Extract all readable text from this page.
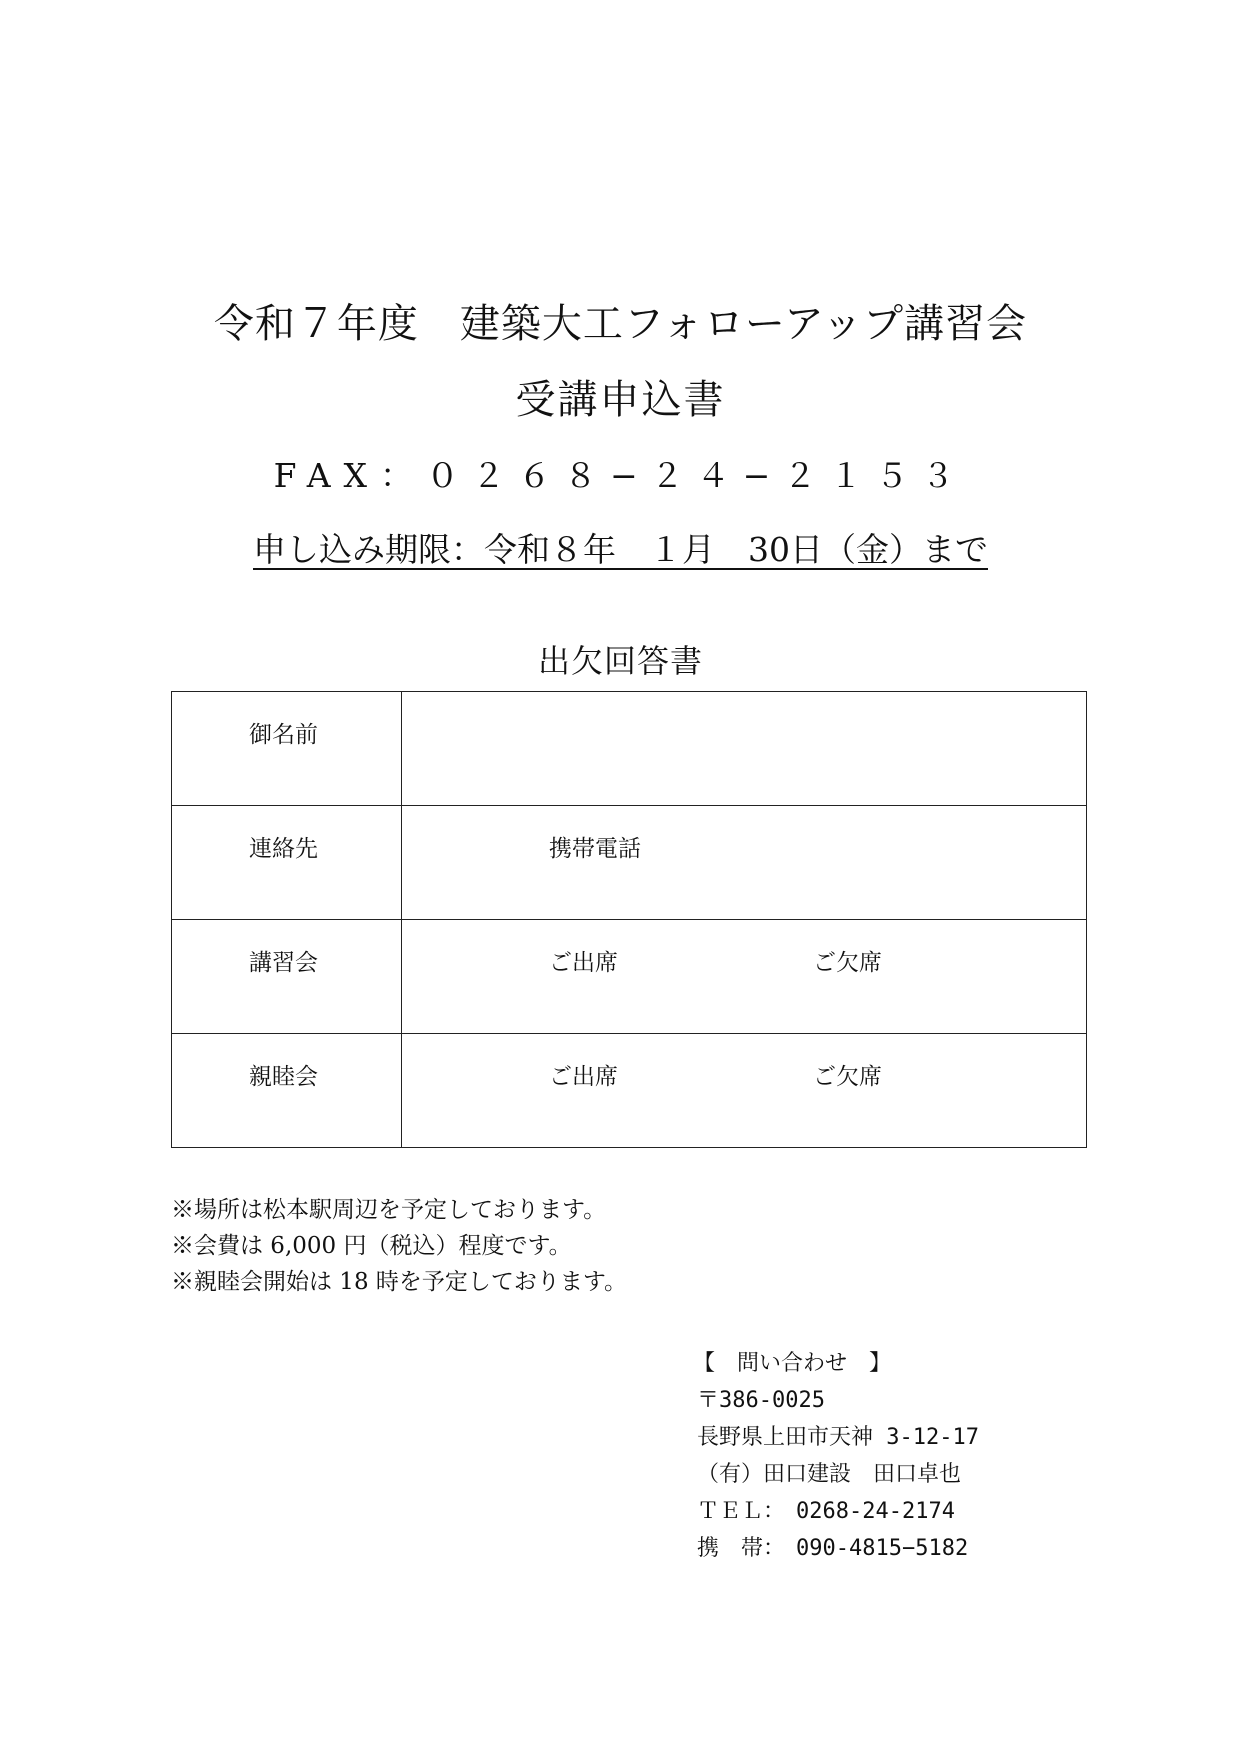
令和７年度　建築大工フォローアップ講習会
受講申込書
FAX：０２６８−２４−２１５３
申し込み期限：令和８年　１月　30日（金）まで
出欠回答書
御名前	

連絡先	携帯電話

講習会	ご出席 ご欠席

親睦会	ご出席 ご欠席
※場所は松本駅周辺を予定しております。
※会費は 6,000 円（税込）程度です。
※親睦会開始は 18 時を予定しております。
【　問い合わせ　】
〒386-0025
長野県上田市天神 3-12-17
（有）田口建設　田口卓也
ＴＥＬ：　0268-24-2174
携　帯：　090-4815−5182
